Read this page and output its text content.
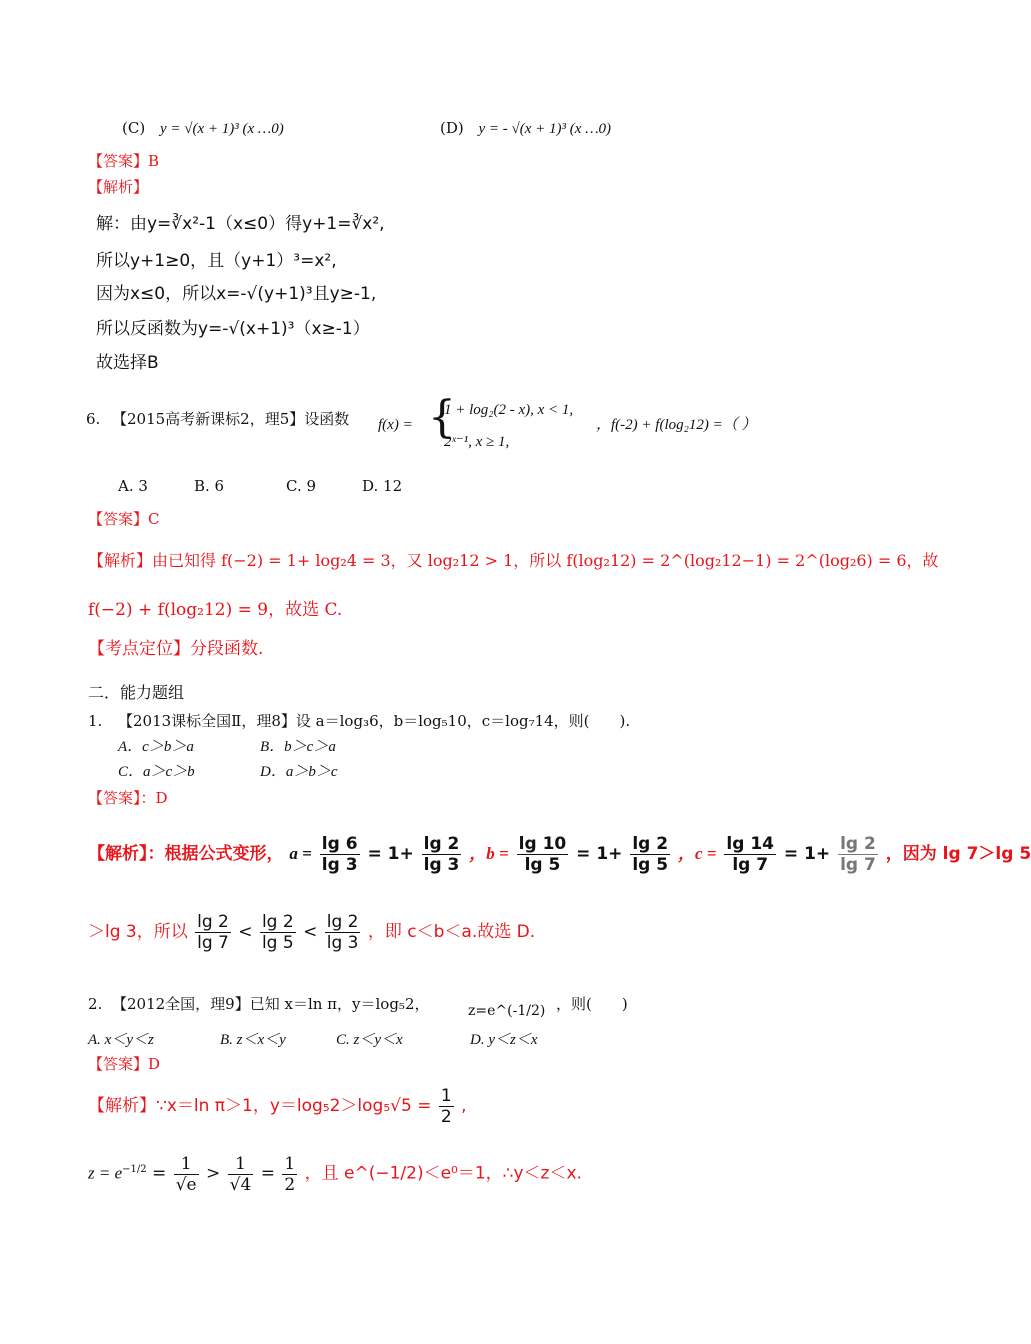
(C) y = √(x + 1)³ (x …0)	(D) y = - √(x + 1)³ (x …0)
【答案】B
【解析】
解：由y=∛x²-1（x≤0）得y+1=∛x²,
所以y+1≥0，且（y+1）³=x²,
因为x≤0，所以x=-√(y+1)³且y≥-1,
所以反函数为y=-√(x+1)³（x≥-1）
故选择B
6. 【2015高考新课标2，理5】设函数 f(x) = {
1 + log₂(2 - x), x < 1,
2ˣ⁻¹, x ≥ 1,
，f(-2) + f(log₂12) =（ ）
A. 3	B. 6	C. 9	D. 12
【答案】C
【解析】由已知得 f(−2) = 1+ log₂4 = 3，又 log₂12 > 1，所以 f(log₂12) = 2^(log₂12−1) = 2^(log₂6) = 6，故
f(−2) + f(log₂12) = 9，故选 C.
【考点定位】分段函数.
二．能力题组
1. 【2013课标全国Ⅱ，理8】设 a＝log₃6，b＝log₅10，c＝log₇14，则(　　).
A．c＞b＞a	B．b＞c＞a
C．a＞c＞b	D．a＞b＞c
【答案】：D
【解析】：根据公式变形， $a = \frac{\lg 6}{\lg 3} = 1+ \frac{\lg 2}{\lg 3}$ ，$b = \frac{\lg 10}{\lg 5} = 1+ \frac{\lg 2}{\lg 5}$ ，$c = \frac{\lg 14}{\lg 7} = 1+ \frac{\lg 2}{\lg 7}$ ，因为 lg 7＞lg 5
＞lg 3，所以 $\frac{\lg 2}{\lg 7} < \frac{\lg 2}{\lg 5} < \frac{\lg 2}{\lg 3}$ ，即 c＜b＜a.故选 D.
2. 【2012全国，理9】已知 x＝ln π，y＝log₅2，	z=e^(-1/2) ，则(　　)
A. x＜y＜z	B. z＜x＜y	C. z＜y＜x	D. y＜z＜x
【答案】D
【解析】∵x＝ln π＞1，$y=\log_52>\log_5√5 = \frac{1}{2}$ ,
$z = e^{-1/2} = \frac{1}{√e} > \frac{1}{√4} = \frac{1}{2}$ ，且 e^(−1/2)＜e⁰＝1，∴y＜z＜x.
